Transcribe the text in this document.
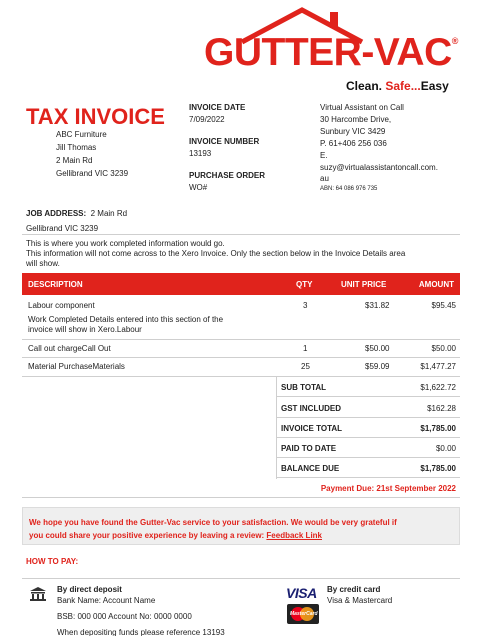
GUTTER-VAC®
Clean. Safe...Easy
TAX INVOICE
ABC Furniture
Jill Thomas
2 Main Rd
Gellibrand VIC 3239
INVOICE DATE
7/09/2022
INVOICE NUMBER
13193
PURCHASE ORDER
WO#
Virtual Assistant on Call
30 Harcombe Drive,
Sunbury VIC 3429
P. 61+406 256 036
E.
suzy@virtualassistantoncall.com.
au
ABN: 64 086 976 735
JOB ADDRESS: 2 Main Rd
Gellibrand VIC 3239
This is where you work completed information would go.
This information will not come across to the Xero Invoice. Only the section below in the Invoice Details area
will show.
DESCRIPTION	QTY	UNIT PRICE	AMOUNT
Labour component
Work Completed Details entered into this section of the
invoice will show in Xero.Labour
3	$31.82	$95.45
Call out chargeCall Out	1	$50.00	$50.00
Material PurchaseMaterials	25	$59.09	$1,477.27
SUB TOTAL	$1,622.72
GST INCLUDED	$162.28
INVOICE TOTAL	$1,785.00
PAID TO DATE	$0.00
BALANCE DUE	$1,785.00
Payment Due: 21st September 2022
We hope you have found the Gutter-Vac service to your satisfaction. We would be very grateful if
you could share your positive experience by leaving a review: Feedback Link
HOW TO PAY:
By direct deposit
Bank Name: Account Name
BSB: 000 000 Account No: 0000 0000
When depositing funds please reference 13193
VISA
MasterCard
By credit card
Visa & Mastercard
